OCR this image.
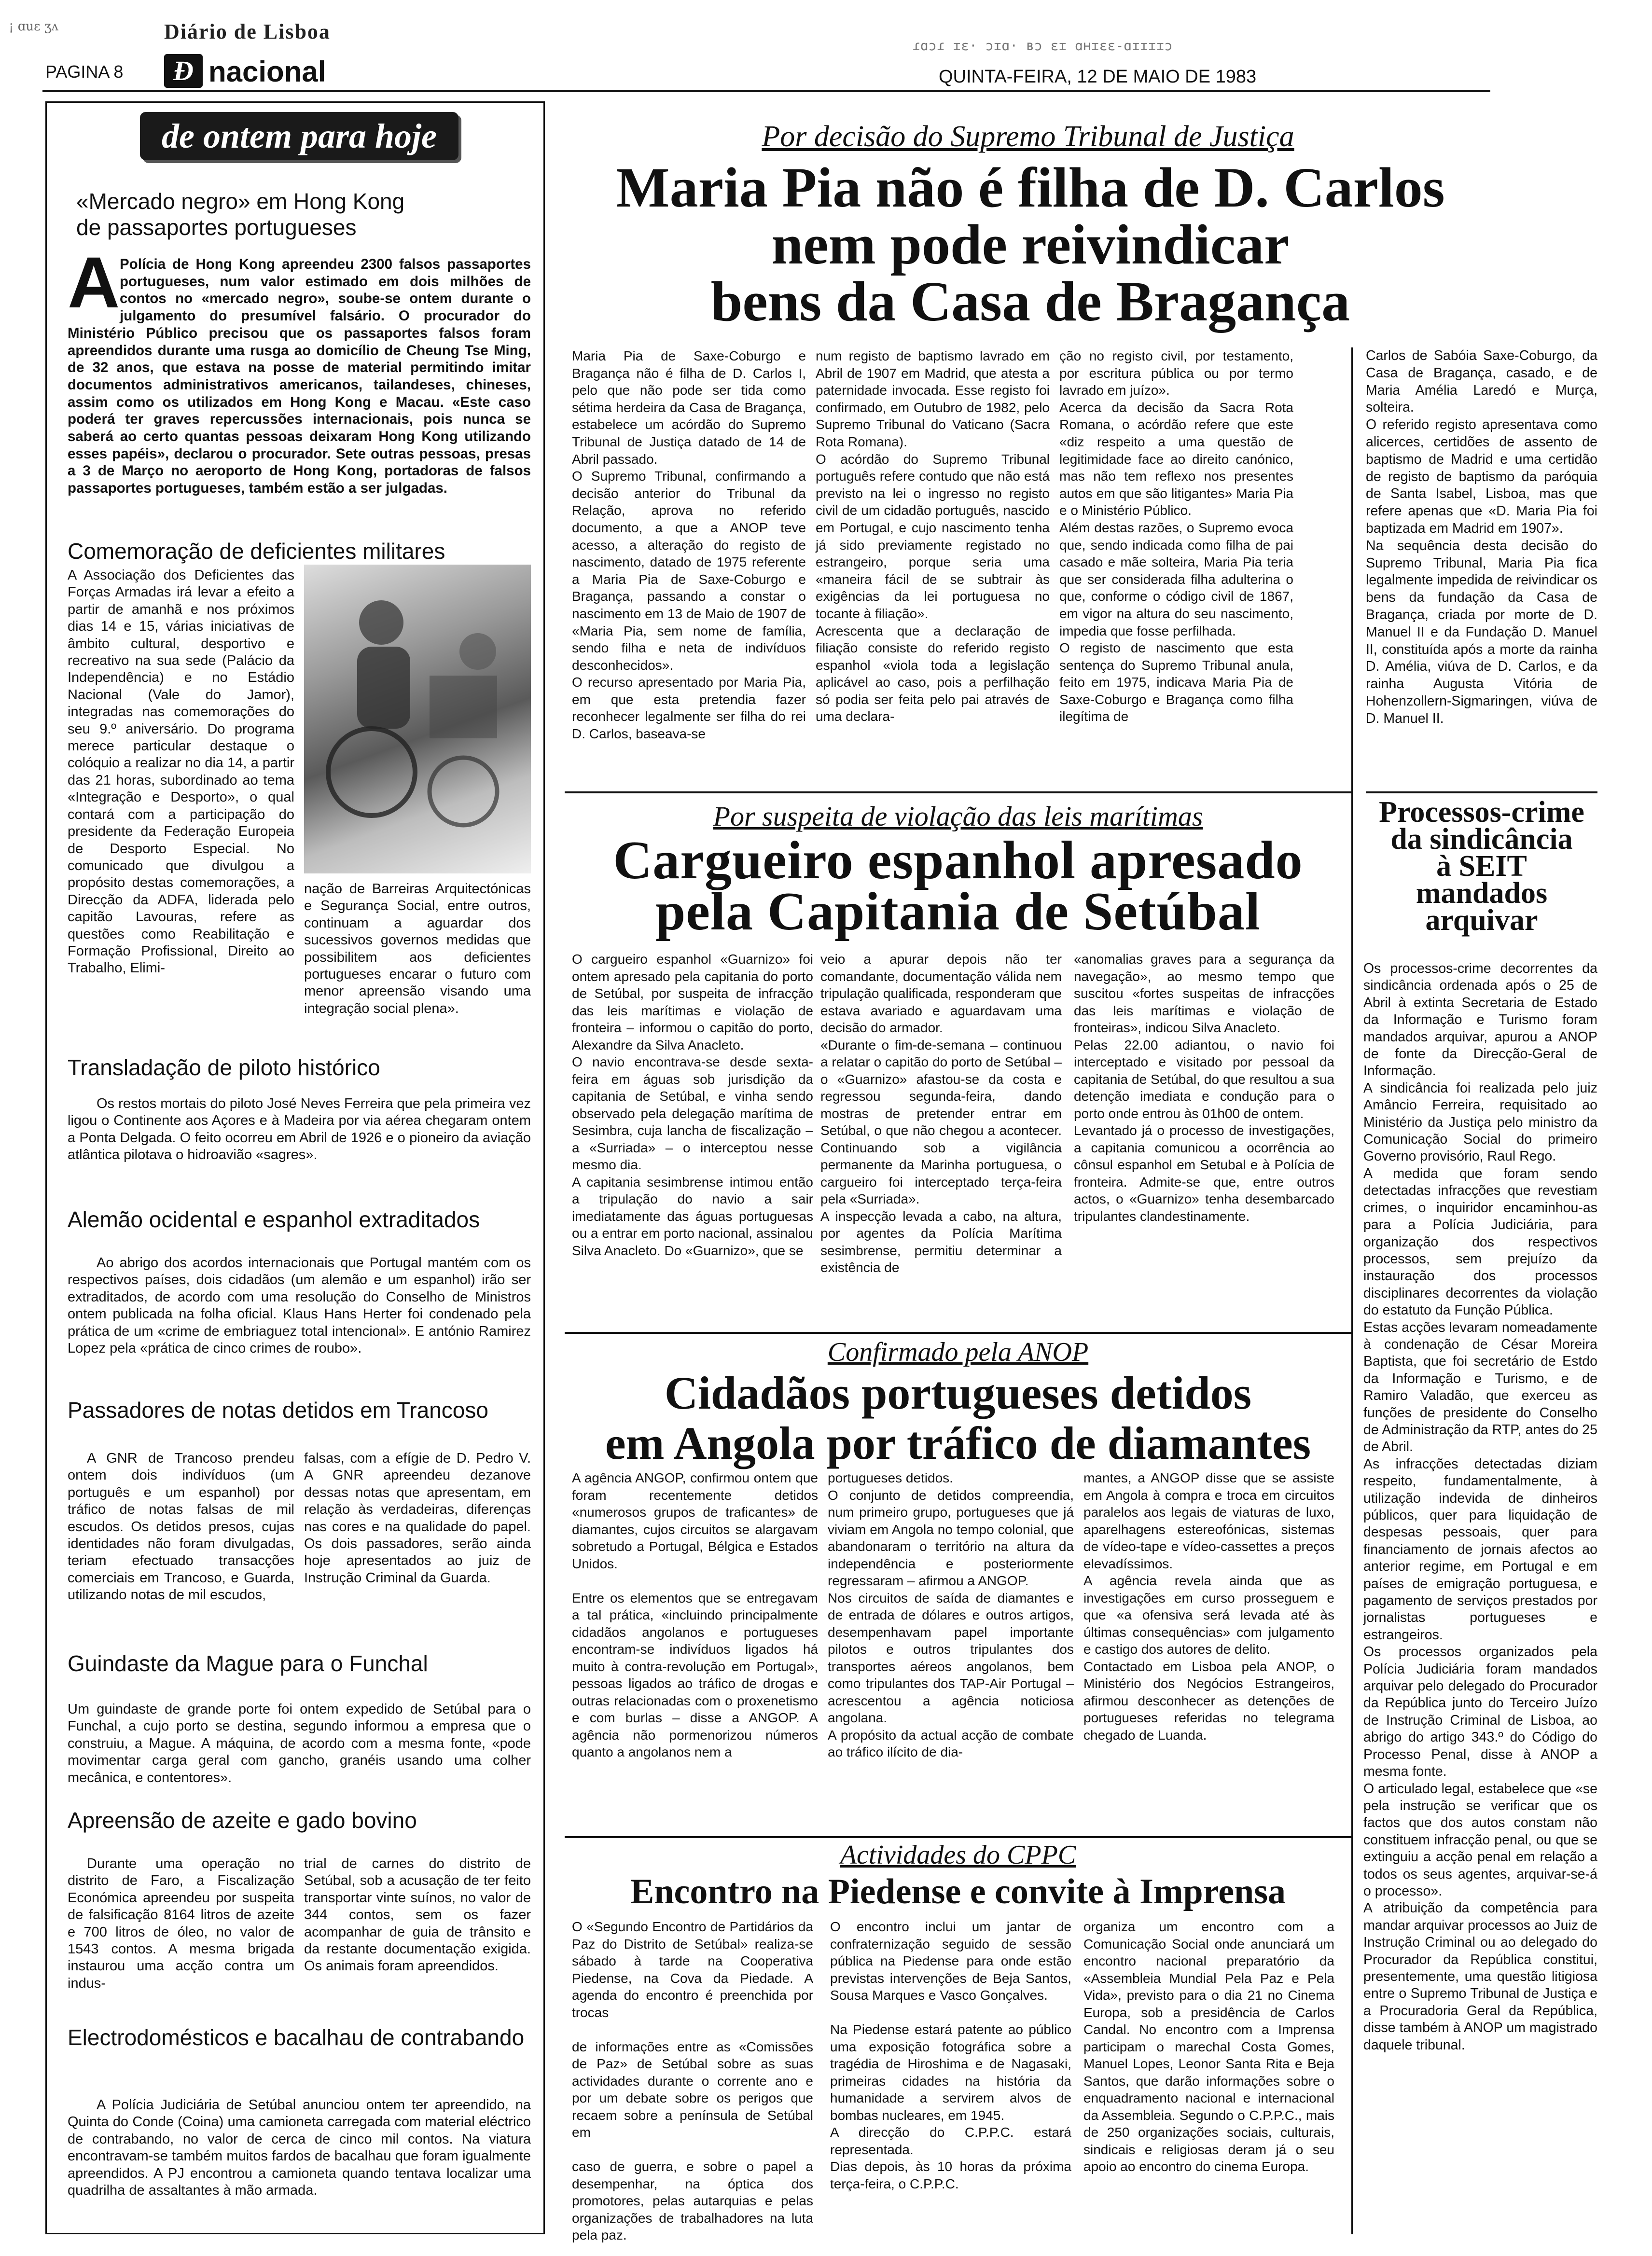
¡ ɑuɛ ʒʌ	Diário de Lisboa
PAGINA 8 Ð nacional
ɾɑɔɾ ɪɛ· ɔɪɑ· ʙɔ ɛɪ ɑʜɪɛɛ-ɑɪɪɪɪɔ
QUINTA-FEIRA, 12 DE MAIO DE 1983
de ontem para hoje
«Mercado negro» em Hong Kong
de passaportes portugueses
A Polícia de Hong Kong apreendeu 2300 falsos passaportes portugueses, num valor estimado em dois milhões de contos no «mercado negro», soube-se ontem durante o julgamento do presumível falsário. O procurador do Ministério Público precisou que os passaportes falsos foram apreendidos durante uma rusga ao domicílio de Cheung Tse Ming, de 32 anos, que estava na posse de material permitindo imitar documentos administrativos americanos, tailandeses, chineses, assim como os utilizados em Hong Kong e Macau. «Este caso poderá ter graves repercussões internacionais, pois nunca se saberá ao certo quantas pessoas deixaram Hong Kong utilizando esses papéis», declarou o procurador. Sete outras pessoas, presas a 3 de Março no aeroporto de Hong Kong, portadoras de falsos passaportes portugueses, também estão a ser julgadas.

Comemoração de deficientes militares

A Associação dos Deficientes das Forças Armadas irá levar a efeito a partir de amanhã e nos próximos dias 14 e 15, várias iniciativas de âmbito cultural, desportivo e recreativo na sua sede (Palácio da Independência) e no Estádio Nacional (Vale do Jamor), integradas nas comemorações do seu 9.º aniversário. Do programa merece particular destaque o colóquio a realizar no dia 14, a partir das 21 horas, subordinado ao tema «Integração e Desporto», o qual contará com a participação do presidente da Federação Europeia de Desporto Especial. No comunicado que divulgou a propósito destas comemorações, a Direcção da ADFA, liderada pelo capitão Lavouras, refere as questões como Reabilitação e Formação Profissional, Direito ao Trabalho, Elimi-

nação de Barreiras Arquitectónicas e Segurança Social, entre outros, continuam a aguardar dos sucessivos governos medidas que possibilitem aos deficientes portugueses encarar o futuro com menor apreensão visando uma integração social plena».

Transladação de piloto histórico

Os restos mortais do piloto José Neves Ferreira que pela primeira vez ligou o Continente aos Açores e à Madeira por via aérea chegaram ontem a Ponta Delgada. O feito ocorreu em Abril de 1926 e o pioneiro da aviação atlântica pilotava o hidroavião «sagres».

Alemão ocidental e espanhol extraditados

Ao abrigo dos acordos internacionais que Portugal mantém com os respectivos países, dois cidadãos (um alemão e um espanhol) irão ser extraditados, de acordo com uma resolução do Conselho de Ministros ontem publicada na folha oficial. Klaus Hans Herter foi condenado pela prática de um «crime de embriaguez total intencional». E antónio Ramirez Lopez pela «prática de cinco crimes de roubo».

Passadores de notas detidos em Trancoso

A GNR de Trancoso prendeu ontem dois indivíduos (um português e um espanhol) por tráfico de notas falsas de mil escudos. Os detidos presos, cujas identidades não foram divulgadas, teriam efectuado transacções comerciais em Trancoso, e Guarda, utilizando notas de mil escudos,

falsas, com a efígie de D. Pedro V. A GNR apreendeu dezanove dessas notas que apresentam, em relação às verdadeiras, diferenças nas cores e na qualidade do papel. Os dois passadores, serão ainda hoje apresentados ao juiz de Instrução Criminal da Guarda.

Guindaste da Mague para o Funchal

Um guindaste de grande porte foi ontem expedido de Setúbal para o Funchal, a cujo porto se destina, segundo informou a empresa que o construiu, a Mague. A máquina, de acordo com a mesma fonte, «pode movimentar carga geral com gancho, granéis usando uma colher mecânica, e contentores».

Apreensão de azeite e gado bovino

Durante uma operação no distrito de Faro, a Fiscalização Económica apreendeu por suspeita de falsificação 8164 litros de azeite e 700 litros de óleo, no valor de 1543 contos. A mesma brigada instaurou uma acção contra um indus-

trial de carnes do distrito de Setúbal, sob a acusação de ter feito transportar vinte suínos, no valor de 344 contos, sem os fazer acompanhar de guia de trânsito e da restante documentação exigida. Os animais foram apreendidos.

Electrodomésticos e bacalhau de contrabando

A Polícia Judiciária de Setúbal anunciou ontem ter apreendido, na Quinta do Conde (Coina) uma camioneta carregada com material eléctrico de contrabando, no valor de cerca de cinco mil contos. Na viatura encontravam-se também muitos fardos de bacalhau que foram igualmente apreendidos. A PJ encontrou a camioneta quando tentava localizar uma quadrilha de assaltantes à mão armada.

Por decisão do Supremo Tribunal de Justiça
Maria Pia não é filha de D. Carlos
nem pode reivindicar
bens da Casa de Bragança

Maria Pia de Saxe-Coburgo e Bragança não é filha de D. Carlos I, pelo que não pode ser tida como sétima herdeira da Casa de Bragança, estabelece um acórdão do Supremo Tribunal de Justiça datado de 14 de Abril passado.
O Supremo Tribunal, confirmando a decisão anterior do Tribunal da Relação, aprova no referido documento, a que a ANOP teve acesso, a alteração do registo de nascimento, datado de 1975 referente a Maria Pia de Saxe-Coburgo e Bragança, passando a constar o nascimento em 13 de Maio de 1907 de «Maria Pia, sem nome de família, sendo filha e neta de indivíduos desconhecidos».
O recurso apresentado por Maria Pia, em que esta pretendia fazer reconhecer legalmente ser filha do rei D. Carlos, baseava-se

num registo de baptismo lavrado em Abril de 1907 em Madrid, que atesta a paternidade invocada. Esse registo foi confirmado, em Outubro de 1982, pelo Supremo Tribunal do Vaticano (Sacra Rota Romana).
O acórdão do Supremo Tribunal português refere contudo que não está previsto na lei o ingresso no registo civil de um cidadão português, nascido em Portugal, e cujo nascimento tenha já sido previamente registado no estrangeiro, porque seria uma «maneira fácil de se subtrair às exigências da lei portuguesa no tocante à filiação».
Acrescenta que a declaração de filiação consiste do referido registo espanhol «viola toda a legislação aplicável ao caso, pois a perfilhação só podia ser feita pelo pai através de uma declara-

ção no registo civil, por testamento, por escritura pública ou por termo lavrado em juízo».
Acerca da decisão da Sacra Rota Romana, o acórdão refere que este «diz respeito a uma questão de legitimidade face ao direito canónico, mas não tem reflexo nos presentes autos em que são litigantes» Maria Pia e o Ministério Público.
Além destas razões, o Supremo evoca que, sendo indicada como filha de pai casado e mãe solteira, Maria Pia teria que ser considerada filha adulterina o que, conforme o código civil de 1867, em vigor na altura do seu nascimento, impedia que fosse perfilhada.
O registo de nascimento que esta sentença do Supremo Tribunal anula, feito em 1975, indicava Maria Pia de Saxe-Coburgo e Bragança como filha ilegítima de

Carlos de Sabóia Saxe-Coburgo, da Casa de Bragança, casado, e de Maria Amélia Laredó e Murça, solteira.
O referido registo apresentava como alicerces, certidões de assento de baptismo de Madrid e uma certidão de registo de baptismo da paróquia de Santa Isabel, Lisboa, mas que refere apenas que «D. Maria Pia foi baptizada em Madrid em 1907».
Na sequência desta decisão do Supremo Tribunal, Maria Pia fica legalmente impedida de reivindicar os bens da fundação da Casa de Bragança, criada por morte de D. Manuel II e da Fundação D. Manuel II, constituída após a morte da rainha D. Amélia, viúva de D. Carlos, e da rainha Augusta Vitória de Hohenzollern-Sigmaringen, viúva de D. Manuel II.

Por suspeita de violação das leis marítimas
Cargueiro espanhol apresado
pela Capitania de Setúbal

O cargueiro espanhol «Guarnizo» foi ontem apresado pela capitania do porto de Setúbal, por suspeita de infracção das leis marítimas e violação de fronteira – informou o capitão do porto, Alexandre da Silva Anacleto.
O navio encontrava-se desde sexta-feira em águas sob jurisdição da capitania de Setúbal, e vinha sendo observado pela delegação marítima de Sesimbra, cuja lancha de fiscalização – a «Surriada» – o interceptou nesse mesmo dia.
A capitania sesimbrense intimou então a tripulação do navio a sair imediatamente das águas portuguesas ou a entrar em porto nacional, assinalou Silva Anacleto. Do «Guarnizo», que se

veio a apurar depois não ter comandante, documentação válida nem tripulação qualificada, responderam que estava avariado e aguardavam uma decisão do armador.
«Durante o fim-de-semana – continuou a relatar o capitão do porto de Setúbal – o «Guarnizo» afastou-se da costa e regressou segunda-feira, dando mostras de pretender entrar em Setúbal, o que não chegou a acontecer. Continuando sob a vigilância permanente da Marinha portuguesa, o cargueiro foi interceptado terça-feira pela «Surriada».
A inspecção levada a cabo, na altura, por agentes da Polícia Marítima sesimbrense, permitiu determinar a existência de

«anomalias graves para a segurança da navegação», ao mesmo tempo que suscitou «fortes suspeitas de infracções das leis marítimas e violação de fronteiras», indicou Silva Anacleto.
Pelas 22.00 adiantou, o navio foi interceptado e visitado por pessoal da capitania de Setúbal, do que resultou a sua detenção imediata e condução para o porto onde entrou às 01h00 de ontem.
Levantado já o processo de investigações, a capitania comunicou a ocorrência ao cônsul espanhol em Setubal e à Polícia de fronteira. Admite-se que, entre outros actos, o «Guarnizo» tenha desembarcado tripulantes clandestinamente.

Confirmado pela ANOP
Cidadãos portugueses detidos
em Angola por tráfico de diamantes

A agência ANGOP, confirmou ontem que foram recentemente detidos «numerosos grupos de traficantes» de diamantes, cujos circuitos se alargavam sobretudo a Portugal, Bélgica e Estados Unidos.

Entre os elementos que se entregavam a tal prática, «incluindo principalmente cidadãos angolanos e portugueses encontram-se indivíduos ligados há muito à contra-revolução em Portugal», pessoas ligados ao tráfico de drogas e outras relacionadas com o proxenetismo e com burlas – disse a ANGOP. A agência não pormenorizou números quanto a angolanos nem a

portugueses detidos.
O conjunto de detidos compreendia, num primeiro grupo, portugueses que já viviam em Angola no tempo colonial, que abandonaram o território na altura da independência e posteriormente regressaram – afirmou a ANGOP.
Nos circuitos de saída de diamantes e de entrada de dólares e outros artigos, desempenhavam papel importante pilotos e outros tripulantes dos transportes aéreos angolanos, bem como tripulantes dos TAP-Air Portugal – acrescentou a agência noticiosa angolana.
A propósito da actual acção de combate ao tráfico ilícito de dia-

mantes, a ANGOP disse que se assiste em Angola à compra e troca em circuitos paralelos aos legais de viaturas de luxo, aparelhagens estereofónicas, sistemas de vídeo-tape e vídeo-cassettes a preços elevadíssimos.
A agência revela ainda que as investigações em curso prosseguem e que «a ofensiva será levada até às últimas consequências» com julgamento e castigo dos autores de delito.
Contactado em Lisboa pela ANOP, o Ministério dos Negócios Estrangeiros, afirmou desconhecer as detenções de portugueses referidas no telegrama chegado de Luanda.

Actividades do CPPC
Encontro na Piedense e convite à Imprensa

O «Segundo Encontro de Partidários da Paz do Distrito de Setúbal» realiza-se sábado à tarde na Cooperativa Piedense, na Cova da Piedade. A agenda do encontro é preenchida por trocas

de informações entre as «Comissões de Paz» de Setúbal sobre as suas actividades durante o corrente ano e por um debate sobre os perigos que recaem sobre a península de Setúbal em

caso de guerra, e sobre o papel a desempenhar, na óptica dos promotores, pelas autarquias e pelas organizações de trabalhadores na luta pela paz.

O encontro inclui um jantar de confraternização seguido de sessão pública na Piedense para onde estão previstas intervenções de Beja Santos, Sousa Marques e Vasco Gonçalves.

Na Piedense estará patente ao público uma exposição fotográfica sobre a tragédia de Hiroshima e de Nagasaki, primeiras cidades na história da humanidade a servirem alvos de bombas nucleares, em 1945.
A direcção do C.P.P.C. estará representada.
Dias depois, às 10 horas da próxima terça-feira, o C.P.P.C.

organiza um encontro com a Comunicação Social onde anunciará um encontro nacional preparatório da «Assembleia Mundial Pela Paz e Pela Vida», previsto para o dia 21 no Cinema Europa, sob a presidência de Carlos Candal. No encontro com a Imprensa participam o marechal Costa Gomes, Manuel Lopes, Leonor Santa Rita e Beja Santos, que darão informações sobre o enquadramento nacional e internacional da Assembleia. Segundo o C.P.P.C., mais de 250 organizações sociais, culturais, sindicais e religiosas deram já o seu apoio ao encontro do cinema Europa.

Processos-crime
da sindicância
à SEIT
mandados
arquivar

Os processos-crime decorrentes da sindicância ordenada após o 25 de Abril à extinta Secretaria de Estado da Informação e Turismo foram mandados arquivar, apurou a ANOP de fonte da Direcção-Geral de Informação.
A sindicância foi realizada pelo juiz Amâncio Ferreira, requisitado ao Ministério da Justiça pelo ministro da Comunicação Social do primeiro Governo provisório, Raul Rego.
A medida que foram sendo detectadas infracções que revestiam crimes, o inquiridor encaminhou-as para a Polícia Judiciária, para organização dos respectivos processos, sem prejuízo da instauração dos processos disciplinares decorrentes da violação do estatuto da Função Pública.
Estas acções levaram nomeadamente à condenação de César Moreira Baptista, que foi secretário de Estdo da Informação e Turismo, e de Ramiro Valadão, que exerceu as funções de presidente do Conselho de Administração da RTP, antes do 25 de Abril.
As infracções detectadas diziam respeito, fundamentalmente, à utilização indevida de dinheiros públicos, quer para liquidação de despesas pessoais, quer para financiamento de jornais afectos ao anterior regime, em Portugal e em países de emigração portuguesa, e pagamento de serviços prestados por jornalistas portugueses e estrangeiros.
Os processos organizados pela Polícia Judiciária foram mandados arquivar pelo delegado do Procurador da República junto do Terceiro Juízo de Instrução Criminal de Lisboa, ao abrigo do artigo 343.º do Código do Processo Penal, disse à ANOP a mesma fonte.
O articulado legal, estabelece que «se pela instrução se verificar que os factos que dos autos constam não constituem infracção penal, ou que se extinguiu a acção penal em relação a todos os seus agentes, arquivar-se-á o processo».
A atribuição da competência para mandar arquivar processos ao Juiz de Instrução Criminal ou ao delegado do Procurador da República constitui, presentemente, uma questão litigiosa entre o Supremo Tribunal de Justiça e a Procuradoria Geral da República, disse também à ANOP um magistrado daquele tribunal.
